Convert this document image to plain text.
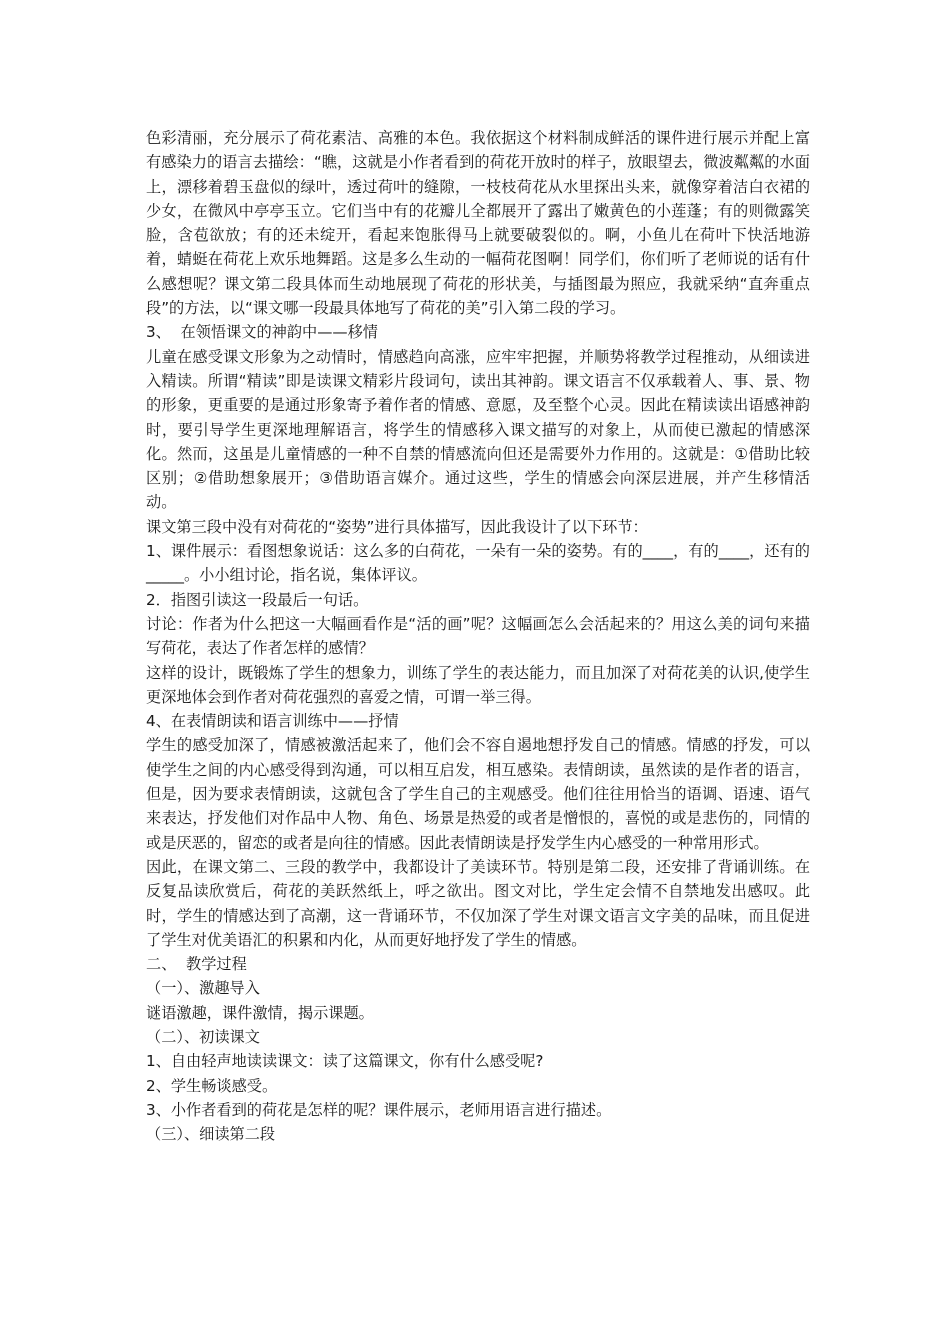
色彩清丽，充分展示了荷花素洁、高雅的本色。我依据这个材料制成鲜活的课件进行展示并配上富有感染力的语言去描绘：“瞧，这就是小作者看到的荷花开放时的样子，放眼望去，微波粼粼的水面上，漂移着碧玉盘似的绿叶，透过荷叶的缝隙，一枝枝荷花从水里探出头来，就像穿着洁白衣裙的少女，在微风中亭亭玉立。它们当中有的花瓣儿全都展开了露出了嫩黄色的小莲蓬；有的则微露笑脸，含苞欲放；有的还未绽开，看起来饱胀得马上就要破裂似的。啊，小鱼儿在荷叶下快活地游着，蜻蜓在荷花上欢乐地舞蹈。这是多么生动的一幅荷花图啊！同学们，你们听了老师说的话有什么感想呢？课文第二段具体而生动地展现了荷花的形状美，与插图最为照应，我就采纳“直奔重点段”的方法，以“课文哪一段最具体地写了荷花的美”引入第二段的学习。

3、  在领悟课文的神韵中——移情

儿童在感受课文形象为之动情时，情感趋向高涨，应牢牢把握，并顺势将教学过程推动，从细读进入精读。所谓“精读”即是读课文精彩片段词句，读出其神韵。课文语言不仅承载着人、事、景、物的形象，更重要的是通过形象寄予着作者的情感、意愿，及至整个心灵。因此在精读读出语感神韵时，要引导学生更深地理解语言，将学生的情感移入课文描写的对象上，从而使已激起的情感深化。然而，这虽是儿童情感的一种不自禁的情感流向但还是需要外力作用的。这就是：①借助比较区别；②借助想象展开；③借助语言媒介。通过这些，学生的情感会向深层进展，并产生移情活动。

课文第三段中没有对荷花的“姿势”进行具体描写，因此我设计了以下环节：

1、课件展示：看图想象说话：这么多的白荷花，一朵有一朵的姿势。有的____，有的____，还有的_____。小小组讨论，指名说，集体评议。

2．指图引读这一段最后一句话。

讨论：作者为什么把这一大幅画看作是“活的画”呢？这幅画怎么会活起来的？用这么美的词句来描写荷花，表达了作者怎样的感情？

这样的设计，既锻炼了学生的想象力，训练了学生的表达能力，而且加深了对荷花美的认识,使学生更深地体会到作者对荷花强烈的喜爱之情，可谓一举三得。

4、在表情朗读和语言训练中——抒情

学生的感受加深了，情感被激活起来了，他们会不容自遏地想抒发自己的情感。情感的抒发，可以使学生之间的内心感受得到沟通，可以相互启发，相互感染。表情朗读，虽然读的是作者的语言，但是，因为要求表情朗读，这就包含了学生自己的主观感受。他们往往用恰当的语调、语速、语气来表达，抒发他们对作品中人物、角色、场景是热爱的或者是憎恨的，喜悦的或是悲伤的，同情的或是厌恶的，留恋的或者是向往的情感。因此表情朗读是抒发学生内心感受的一种常用形式。

因此，在课文第二、三段的教学中，我都设计了美读环节。特别是第二段，还安排了背诵训练。在反复品读欣赏后，荷花的美跃然纸上，呼之欲出。图文对比，学生定会情不自禁地发出感叹。此时，学生的情感达到了高潮，这一背诵环节，不仅加深了学生对课文语言文字美的品味，而且促进了学生对优美语汇的积累和内化，从而更好地抒发了学生的情感。

二、  教学过程

（一）、激趣导入

谜语激趣，课件激情，揭示课题。

（二）、初读课文

1、自由轻声地读读课文：读了这篇课文，你有什么感受呢?

2、学生畅谈感受。

3、小作者看到的荷花是怎样的呢？课件展示，老师用语言进行描述。

（三）、细读第二段
